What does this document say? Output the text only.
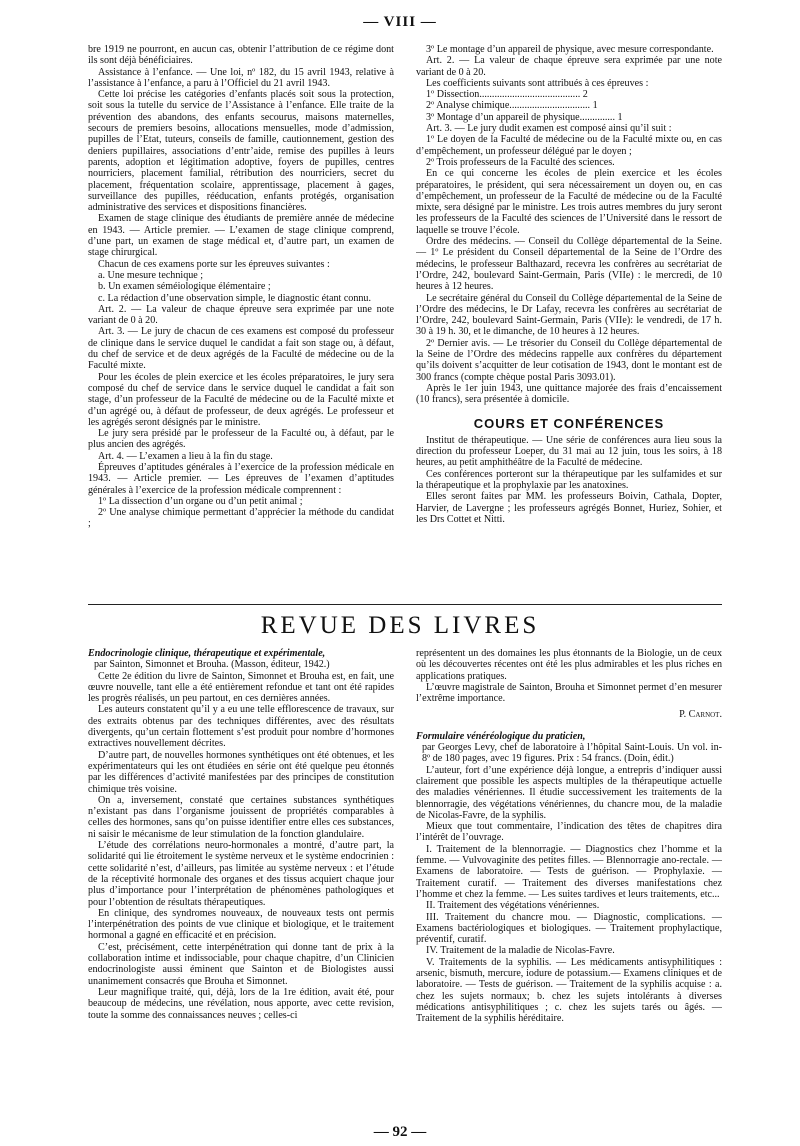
— VIII —

bre 1919 ne pourront, en aucun cas, obtenir l’attribution de ce régime dont ils sont déjà bénéficiaires.

Assistance à l’enfance. — Une loi, nº 182, du 15 avril 1943, relative à l’assistance à l’enfance, a paru à l’Officiel du 21 avril 1943.

Cette loi précise les catégories d’enfants placés soit sous la protection, soit sous la tutelle du service de l’Assistance à l’enfance. Elle traite de la prévention des abandons, des enfants secourus, maisons maternelles, secours de premiers besoins, allocations mensuelles, mode d’admission, pupilles de l’Etat, tuteurs, conseils de famille, cautionnement, gestion des deniers pupillaires, associations d’entr’aide, remise des pupilles à leurs parents, adoption et légitimation adoptive, foyers de pupilles, centres nourriciers, placement familial, rétribution des nourriciers, secret du placement, fréquentation scolaire, apprentissage, placement à gages, surveillance des pupilles, rééducation, enfants protégés, organisation administrative des services et dispositions financières.

Examen de stage clinique des étudiants de première année de médecine en 1943. — Article premier. — L’examen de stage clinique comprend, d’une part, un examen de stage médical et, d’autre part, un examen de stage chirurgical.

Chacun de ces examens porte sur les épreuves suivantes :

a. Une mesure technique ;

b. Un examen séméiologique élémentaire ;

c. La rédaction d’une observation simple, le diagnostic étant connu.

Art. 2. — La valeur de chaque épreuve sera exprimée par une note variant de 0 à 20.

Art. 3. — Le jury de chacun de ces examens est composé du professeur de clinique dans le service duquel le candidat a fait son stage ou, à défaut, du chef de service et de deux agrégés de la Faculté de médecine ou de la Faculté mixte.

Pour les écoles de plein exercice et les écoles préparatoires, le jury sera composé du chef de service dans le service duquel le candidat a fait son stage, d’un professeur de la Faculté de médecine ou de la Faculté mixte et d’un agrégé ou, à défaut de professeur, de deux agrégés. Le professeur et les agrégés seront désignés par le ministre.

Le jury sera présidé par le professeur de la Faculté ou, à défaut, par le plus ancien des agrégés.

Art. 4. — L’examen a lieu à la fin du stage.

Épreuves d’aptitudes générales à l’exercice de la profession médicale en 1943. — Article premier. — Les épreuves de l’examen d’aptitudes générales à l’exercice de la profession médicale comprennent :

1º La dissection d’un organe ou d’un petit animal ;

2º Une analyse chimique permettant d’apprécier la méthode du candidat ;

3º Le montage d’un appareil de physique, avec mesure correspondante.

Art. 2. — La valeur de chaque épreuve sera exprimée par une note variant de 0 à 20.

Les coefficients suivants sont attribués à ces épreuves :

1º Dissection........................................ 2

2º Analyse chimique................................ 1

3º Montage d’un appareil de physique.............. 1

Art. 3. — Le jury dudit examen est composé ainsi qu’il suit :

1º Le doyen de la Faculté de médecine ou de la Faculté mixte ou, en cas d’empêchement, un professeur délégué par le doyen ;

2º Trois professeurs de la Faculté des sciences.

En ce qui concerne les écoles de plein exercice et les écoles préparatoires, le président, qui sera nécessairement un doyen ou, en cas d’empêchement, un professeur de la Faculté de médecine ou de la Faculté mixte, sera désigné par le ministre. Les trois autres membres du jury seront les professeurs de la Faculté des sciences de l’Université dans le ressort de laquelle se trouve l’école.

Ordre des médecins. — Conseil du Collège départemental de la Seine. — 1º Le président du Conseil départemental de la Seine de l’Ordre des médecins, le professeur Balthazard, recevra les confrères au secrétariat de l’Ordre, 242, boulevard Saint-Germain, Paris (VIIe) : le mercredi, de 10 heures à 12 heures.

Le secrétaire général du Conseil du Collège départemental de la Seine de l’Ordre des médecins, le Dr Lafay, recevra les confrères au secrétariat de l’Ordre, 242, boulevard Saint-Germain, Paris (VIIe): le vendredi, de 17 h. 30 à 19 h. 30, et le dimanche, de 10 heures à 12 heures.

2º Dernier avis. — Le trésorier du Conseil du Collège départemental de la Seine de l’Ordre des médecins rappelle aux confrères du département qu’ils doivent s’acquitter de leur cotisation de 1943, dont le montant est de 300 francs (compte chèque postal Paris 3093.01).

Après le 1er juin 1943, une quittance majorée des frais d’encaissement (10 francs), sera présentée à domicile.

COURS ET CONFÉRENCES

Institut de thérapeutique. — Une série de conférences aura lieu sous la direction du professeur Loeper, du 31 mai au 12 juin, tous les soirs, à 18 heures, au petit amphithéâtre de la Faculté de médecine.

Ces conférences porteront sur la thérapeutique par les sulfamides et sur la thérapeutique et la prophylaxie par les anatoxines.

Elles seront faites par MM. les professeurs Boivin, Cathala, Dopter, Harvier, de Lavergne ; les professeurs agrégés Bonnet, Huriez, Sohier, et les Drs Cottet et Nitti.

REVUE DES LIVRES

Endocrinologie clinique, thérapeutique et expérimentale,

par Sainton, Simonnet et Brouha. (Masson, éditeur, 1942.)

Cette 2e édition du livre de Sainton, Simonnet et Brouha est, en fait, une œuvre nouvelle, tant elle a été entièrement refondue et tant ont été rapides les progrès réalisés, un peu partout, en ces dernières années.

Les auteurs constatent qu’il y a eu une telle efflorescence de travaux, sur des extraits obtenus par des techniques différentes, avec des résultats divergents, qu’un certain flottement s’est produit pour nombre d’hormones extractives nouvellement décrites.

D’autre part, de nouvelles hormones synthétiques ont été obtenues, et les expérimentateurs qui les ont étudiées en série ont été quelque peu étonnés par les différences d’activité manifestées par des principes de constitution chimique très voisine.

On a, inversement, constaté que certaines substances synthétiques n’existant pas dans l’organisme jouissent de propriétés comparables à celles des hormones, sans qu’on puisse identifier entre elles ces substances, ni saisir le mécanisme de leur stimulation de la fonction glandulaire.

L’étude des corrélations neuro-hormonales a montré, d’autre part, la solidarité qui lie étroitement le système nerveux et le système endocrinien : cette solidarité n’est, d’ailleurs, pas limitée au système nerveux : et l’étude de la réceptivité hormonale des organes et des tissus acquiert chaque jour plus d’importance pour l’interprétation de phénomènes pathologiques et pour l’obtention de résultats thérapeutiques.

En clinique, des syndromes nouveaux, de nouveaux tests ont permis l’interpénétration des points de vue clinique et biologique, et le traitement hormonal a gagné en efficacité et en précision.

C’est, précisément, cette interpénétration qui donne tant de prix à la collaboration intime et indissociable, pour chaque chapitre, d’un Clinicien endocrinologiste aussi éminent que Sainton et de Biologistes aussi unanimement consacrés que Brouha et Simonnet.

Leur magnifique traité, qui, déjà, lors de la 1re édition, avait été, pour beaucoup de médecins, une révélation, nous apporte, avec cette revision, toute la somme des connaissances neuves ; celles-ci

représentent un des domaines les plus étonnants de la Biologie, un de ceux où les découvertes récentes ont été les plus admirables et les plus riches en applications pratiques.

L’œuvre magistrale de Sainton, Brouha et Simonnet permet d’en mesurer l’extrême importance.

P. Carnot.

Formulaire vénéréologique du praticien,

par Georges Levy, chef de laboratoire à l’hôpital Saint-Louis. Un vol. in-8º de 180 pages, avec 19 figures. Prix : 54 francs. (Doin, édit.)

L’auteur, fort d’une expérience déjà longue, a entrepris d’indiquer aussi clairement que possible les aspects multiples de la thérapeutique actuelle des maladies vénériennes. Il étudie successivement les traitements de la blennorragie, des végétations vénériennes, du chancre mou, de la maladie de Nicolas-Favre, de la syphilis.

Mieux que tout commentaire, l’indication des têtes de chapitres dira l’intérêt de l’ouvrage.

I. Traitement de la blennorragie. — Diagnostics chez l’homme et la femme. — Vulvovaginite des petites filles. — Blennorragie ano-rectale. — Examens de laboratoire. — Tests de guérison. — Prophylaxie. — Traitement curatif. — Traitement des diverses manifestations chez l’homme et chez la femme. — Les suites tardives et leurs traitements, etc...

II. Traitement des végétations vénériennes.

III. Traitement du chancre mou. — Diagnostic, complications. — Examens bactériologiques et biologiques. — Traitement prophylactique, préventif, curatif.

IV. Traitement de la maladie de Nicolas-Favre.

V. Traitements de la syphilis. — Les médicaments antisyphilitiques : arsenic, bismuth, mercure, iodure de potassium.— Examens cliniques et de laboratoire. — Tests de guérison. — Traitement de la syphilis acquise : a. chez les sujets normaux; b. chez les sujets intolérants à diverses médications antisyphilitiques ; c. chez les sujets tarés ou âgés. — Traitement de la syphilis héréditaire.

— 92 —
